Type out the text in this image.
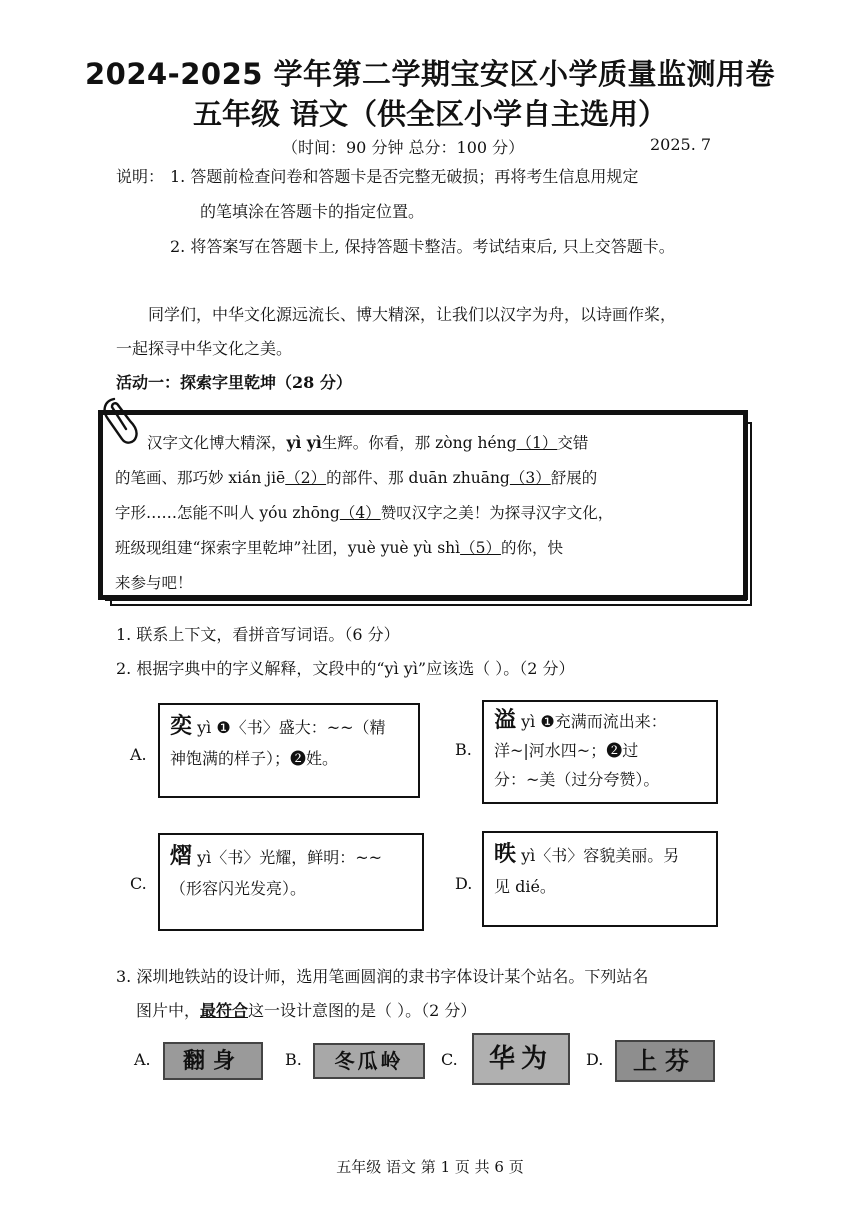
2024-2025 学年第二学期宝安区小学质量监测用卷
五年级 语文（供全区小学自主选用）
（时间：90 分钟 总分：100 分）	2025. 7
说明： 1. 答题前检查问卷和答题卡是否完整无破损；再将考生信息用规定
的笔填涂在答题卡的指定位置。
2. 将答案写在答题卡上, 保持答题卡整洁。考试结束后, 只上交答题卡。
同学们，中华文化源远流长、博大精深，让我们以汉字为舟，以诗画作桨，
一起探寻中华文化之美。
活动一：探索字里乾坤（28 分）
汉字文化博大精深，yì yì生辉。你看，那 zòng héng（1）交错
的笔画、那巧妙 xián jiē（2）的部件、那 duān zhuāng（3）舒展的
字形……怎能不叫人 yóu zhōng（4）赞叹汉字之美！为探寻汉字文化，
班级现组建“探索字里乾坤”社团，yuè yuè yù shì（5）的你，快
来参与吧！
1. 联系上下文，看拼音写词语。（6 分）
2. 根据字典中的字义解释，文段中的“yì yì”应该选（ ）。（2 分）
A.
奕 yì ❶〈书〉盛大：~~（精
神饱满的样子）；❷姓。	B.
溢 yì ❶充满而流出来：
洋~|河水四~；❷过
分：~美（过分夸赞）。
C.
熠 yì〈书〉光耀，鲜明：~~
（形容闪光发亮）。	D.
昳 yì〈书〉容貌美丽。另
见 dié。
3. 深圳地铁站的设计师，选用笔画圆润的隶书字体设计某个站名。下列站名
图片中，最符合这一设计意图的是（ ）。（2 分）
A.	翻身	B.	冬瓜岭	C.	华为	D.	上芬
五年级 语文 第 1 页 共 6 页
